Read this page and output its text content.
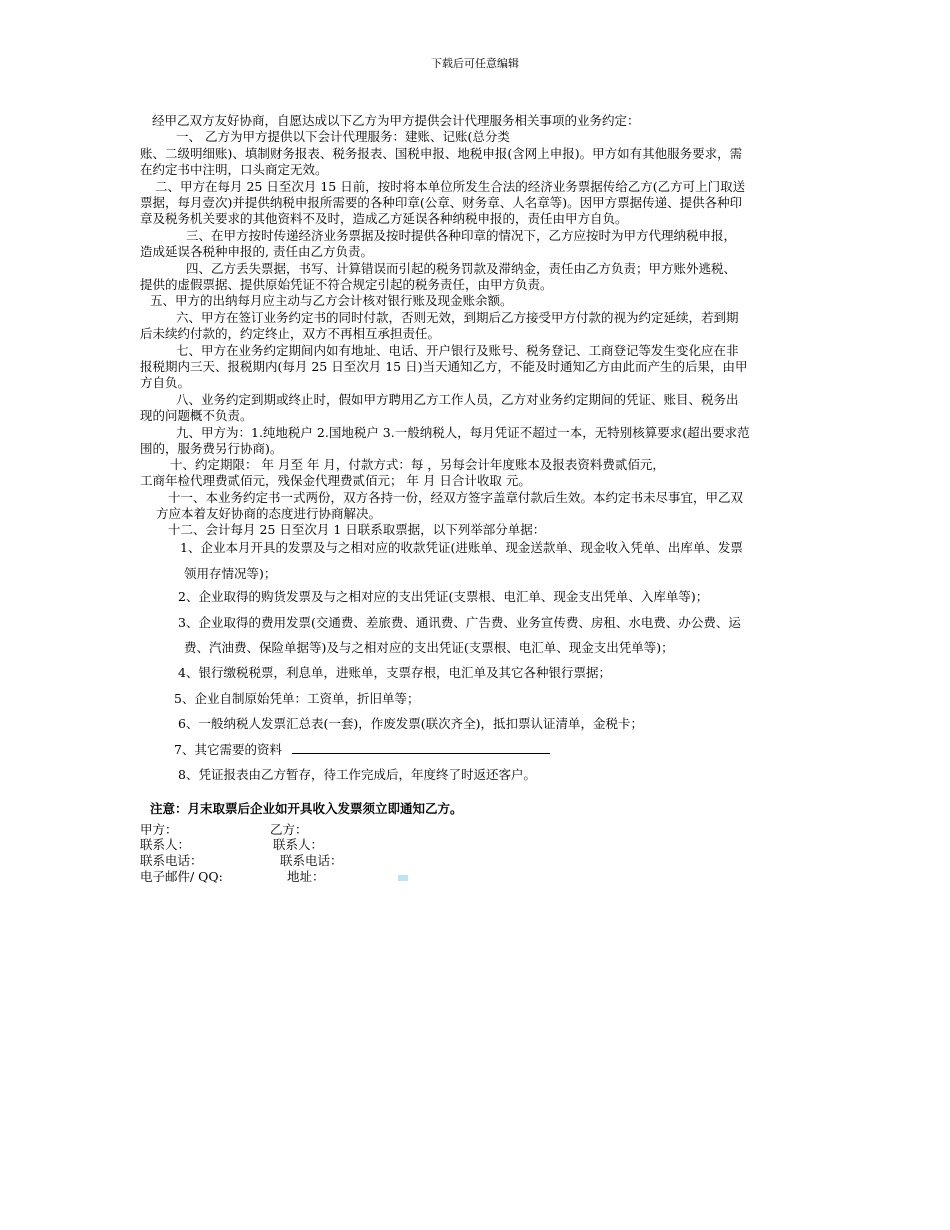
下载后可任意编辑
经甲乙双方友好协商，自愿达成以下乙方为甲方提供会计代理服务相关事项的业务约定：
一、 乙方为甲方提供以下会计代理服务：建账、记账(总分类
账、二级明细账)、填制财务报表、税务报表、国税申报、地税申报(含网上申报)。甲方如有其他服务要求，需
在约定书中注明，口头商定无效。
二、甲方在每月 25 日至次月 15 日前，按时将本单位所发生合法的经济业务票据传给乙方(乙方可上门取送
票据，每月壹次)并提供纳税申报所需要的各种印章(公章、财务章、人名章等)。因甲方票据传递、提供各种印
章及税务机关要求的其他资料不及时，造成乙方延误各种纳税申报的，责任由甲方自负。
三、在甲方按时传递经济业务票据及按时提供各种印章的情况下，乙方应按时为甲方代理纳税申报，
造成延误各税种申报的, 责任由乙方负责。
四、乙方丢失票据，书写、计算错误而引起的税务罚款及滞纳金，责任由乙方负责；甲方账外逃税、
提供的虚假票据、提供原始凭证不符合规定引起的税务责任，由甲方负责。
五、甲方的出纳每月应主动与乙方会计核对银行账及现金账余额。
六、甲方在签订业务约定书的同时付款，否则无效，到期后乙方接受甲方付款的视为约定延续，若到期
后未续约付款的，约定终止，双方不再相互承担责任。
七、甲方在业务约定期间内如有地址、电话、开户银行及账号、税务登记、工商登记等发生变化应在非
报税期内三天、报税期内(每月 25 日至次月 15 日)当天通知乙方，不能及时通知乙方由此而产生的后果，由甲
方自负。
八、业务约定到期或终止时，假如甲方聘用乙方工作人员，乙方对业务约定期间的凭证、账目、税务出
现的问题概不负责。
九、甲方为：1.纯地税户 2.国地税户 3.一般纳税人，每月凭证不超过一本，无特别核算要求(超出要求范
围的，服务费另行协商)。
十、约定期限： 年 月至 年 月，付款方式：每 ，另每会计年度账本及报表资料费贰佰元，
工商年检代理费贰佰元，残保金代理费贰佰元； 年 月 日合计收取 元。
十一、本业务约定书一式两份，双方各持一份，经双方签字盖章付款后生效。本约定书未尽事宜，甲乙双
方应本着友好协商的态度进行协商解决。
十二、会计每月 25 日至次月 1 日联系取票据，以下列举部分单据：
1、企业本月开具的发票及与之相对应的收款凭证(进账单、现金送款单、现金收入凭单、出库单、发票
领用存情况等)；
2、企业取得的购货发票及与之相对应的支出凭证(支票根、电汇单、现金支出凭单、入库单等)；
3、企业取得的费用发票(交通费、差旅费、通讯费、广告费、业务宣传费、房租、水电费、办公费、运
费、汽油费、保险单据等)及与之相对应的支出凭证(支票根、电汇单、现金支出凭单等)；
4、银行缴税税票，利息单，进账单，支票存根，电汇单及其它各种银行票据；
5、企业自制原始凭单：工资单，折旧单等；
6、一般纳税人发票汇总表(一套)，作废发票(联次齐全)，抵扣票认证清单，金税卡；
7、其它需要的资料
8、凭证报表由乙方暂存，待工作完成后，年度终了时返还客户。
注意：月末取票后企业如开具收入发票须立即通知乙方。
甲方：	乙方：
联系人：	联系人：
联系电话：	联系电话：
电子邮件/ QQ:	地址：
